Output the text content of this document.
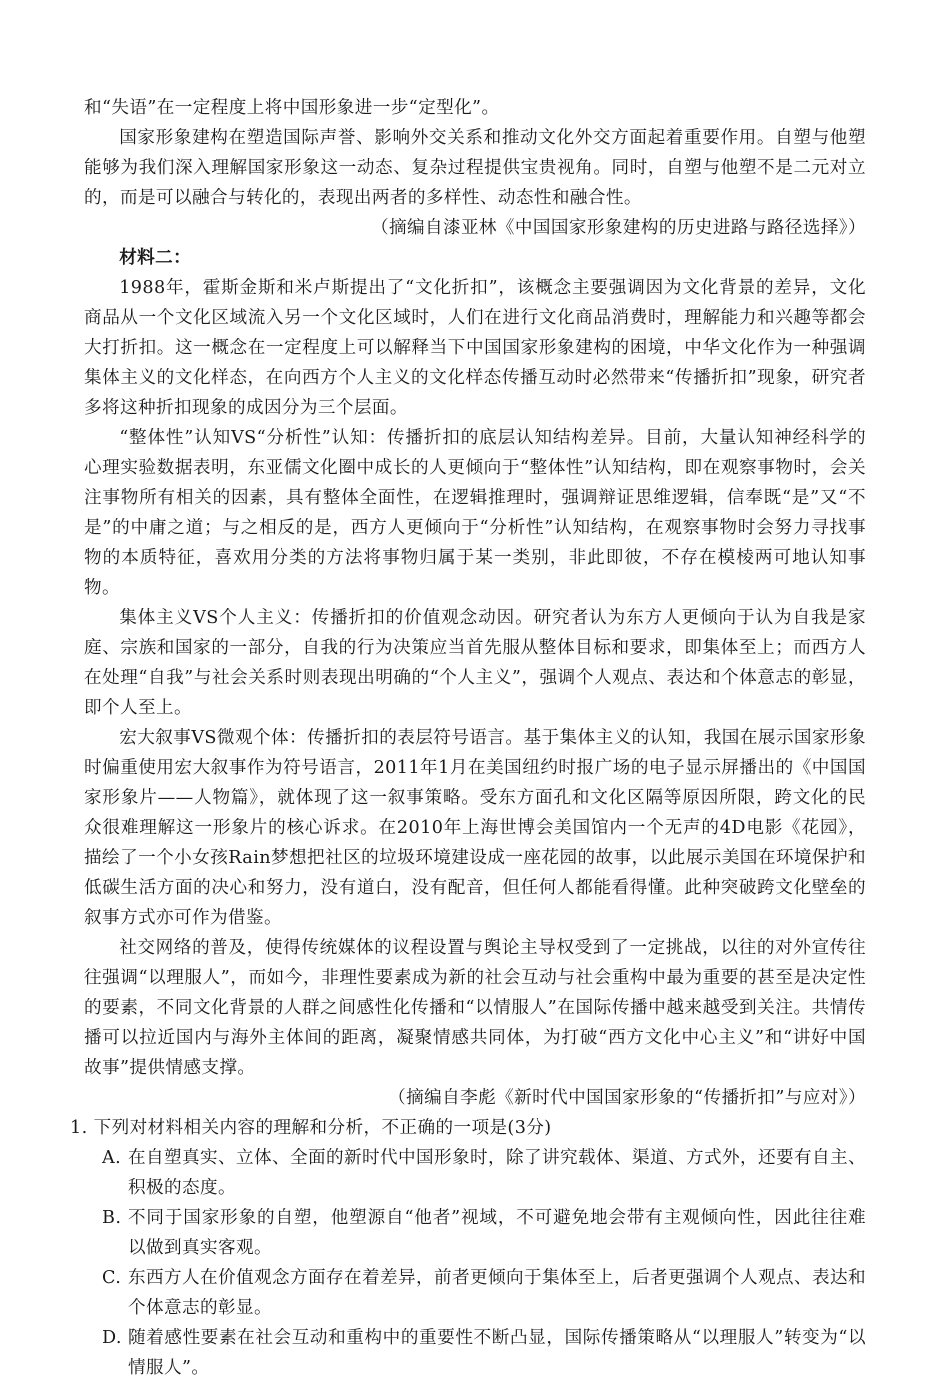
和“失语”在一定程度上将中国形象进一步“定型化”。

国家形象建构在塑造国际声誉、影响外交关系和推动文化外交方面起着重要作用。自塑与他塑能够为我们深入理解国家形象这一动态、复杂过程提供宝贵视角。同时，自塑与他塑不是二元对立的，而是可以融合与转化的，表现出两者的多样性、动态性和融合性。

（摘编自漆亚林《中国国家形象建构的历史进路与路径选择》）

材料二：

1988年，霍斯金斯和米卢斯提出了“文化折扣”，该概念主要强调因为文化背景的差异，文化商品从一个文化区域流入另一个文化区域时，人们在进行文化商品消费时，理解能力和兴趣等都会大打折扣。这一概念在一定程度上可以解释当下中国国家形象建构的困境，中华文化作为一种强调集体主义的文化样态，在向西方个人主义的文化样态传播互动时必然带来“传播折扣”现象，研究者多将这种折扣现象的成因分为三个层面。

“整体性”认知VS“分析性”认知：传播折扣的底层认知结构差异。目前，大量认知神经科学的心理实验数据表明，东亚儒文化圈中成长的人更倾向于“整体性”认知结构，即在观察事物时，会关注事物所有相关的因素，具有整体全面性，在逻辑推理时，强调辩证思维逻辑，信奉既“是”又“不是”的中庸之道；与之相反的是，西方人更倾向于“分析性”认知结构，在观察事物时会努力寻找事物的本质特征，喜欢用分类的方法将事物归属于某一类别，非此即彼，不存在模棱两可地认知事物。

集体主义VS个人主义：传播折扣的价值观念动因。研究者认为东方人更倾向于认为自我是家庭、宗族和国家的一部分，自我的行为决策应当首先服从整体目标和要求，即集体至上；而西方人在处理“自我”与社会关系时则表现出明确的“个人主义”，强调个人观点、表达和个体意志的彰显，即个人至上。

宏大叙事VS微观个体：传播折扣的表层符号语言。基于集体主义的认知，我国在展示国家形象时偏重使用宏大叙事作为符号语言，2011年1月在美国纽约时报广场的电子显示屏播出的《中国国家形象片——人物篇》，就体现了这一叙事策略。受东方面孔和文化区隔等原因所限，跨文化的民众很难理解这一形象片的核心诉求。在2010年上海世博会美国馆内一个无声的4D电影《花园》，描绘了一个小女孩Rain梦想把社区的垃圾环境建设成一座花园的故事，以此展示美国在环境保护和低碳生活方面的决心和努力，没有道白，没有配音，但任何人都能看得懂。此种突破跨文化壁垒的叙事方式亦可作为借鉴。

社交网络的普及，使得传统媒体的议程设置与舆论主导权受到了一定挑战，以往的对外宣传往往强调“以理服人”，而如今，非理性要素成为新的社会互动与社会重构中最为重要的甚至是决定性的要素，不同文化背景的人群之间感性化传播和“以情服人”在国际传播中越来越受到关注。共情传播可以拉近国内与海外主体间的距离，凝聚情感共同体，为打破“西方文化中心主义”和“讲好中国故事”提供情感支撑。

（摘编自李彪《新时代中国国家形象的“传播折扣”与应对》）

1. 下列对材料相关内容的理解和分析，不正确的一项是(3分)

A. 在自塑真实、立体、全面的新时代中国形象时，除了讲究载体、渠道、方式外，还要有自主、积极的态度。
B. 不同于国家形象的自塑，他塑源自“他者”视域，不可避免地会带有主观倾向性，因此往往难以做到真实客观。
C. 东西方人在价值观念方面存在着差异，前者更倾向于集体至上，后者更强调个人观点、表达和个体意志的彰显。
D. 随着感性要素在社会互动和重构中的重要性不断凸显，国际传播策略从“以理服人”转变为“以情服人”。
